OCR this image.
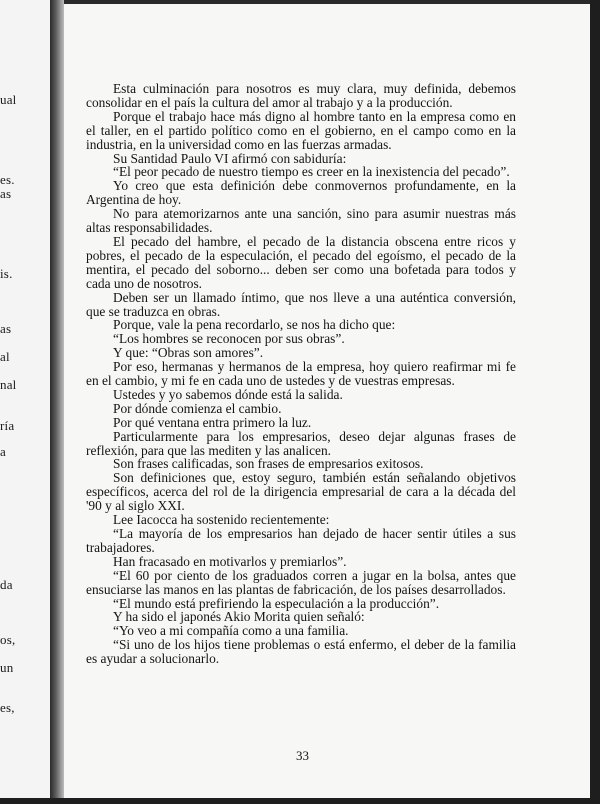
ual
es.
as
is.
as
al
nal
ría
a
da
os,
un
es,

Esta culminación para nosotros es muy clara, muy definida, debemos consolidar en el país la cultura del amor al trabajo y a la producción.

Porque el trabajo hace más digno al hombre tanto en la empresa como en el taller, en el partido político como en el gobierno, en el campo como en la industria, en la universidad como en las fuerzas armadas.

Su Santidad Paulo VI afirmó con sabiduría:

“El peor pecado de nuestro tiempo es creer en la inexistencia del pecado”.

Yo creo que esta definición debe conmovernos profundamente, en la Argentina de hoy.

No para atemorizarnos ante una sanción, sino para asumir nuestras más altas responsabilidades.

El pecado del hambre, el pecado de la distancia obscena entre ricos y pobres, el pecado de la especulación, el pecado del egoísmo, el pecado de la mentira, el pecado del soborno... deben ser como una bofetada para todos y cada uno de nosotros.

Deben ser un llamado íntimo, que nos lleve a una auténtica conversión, que se traduzca en obras.

Porque, vale la pena recordarlo, se nos ha dicho que:

“Los hombres se reconocen por sus obras”.

Y que: “Obras son amores”.

Por eso, hermanas y hermanos de la empresa, hoy quiero reafirmar mi fe en el cambio, y mi fe en cada uno de ustedes y de vuestras empresas.

Ustedes y yo sabemos dónde está la salida.

Por dónde comienza el cambio.

Por qué ventana entra primero la luz.

Particularmente para los empresarios, deseo dejar algunas frases de reflexión, para que las mediten y las analicen.

Son frases calificadas, son frases de empresarios exitosos.

Son definiciones que, estoy seguro, también están señalando objetivos específicos, acerca del rol de la dirigencia empresarial de cara a la década del '90 y al siglo XXI.

Lee Iacocca ha sostenido recientemente:

“La mayoría de los empresarios han dejado de hacer sentir útiles a sus trabajadores.

Han fracasado en motivarlos y premiarlos”.

“El 60 por ciento de los graduados corren a jugar en la bolsa, antes que ensuciarse las manos en las plantas de fabricación, de los países desarrollados.

“El mundo está prefiriendo la especulación a la producción”.

Y ha sido el japonés Akio Morita quien señaló:

“Yo veo a mi compañía como a una familia.

“Si uno de los hijos tiene problemas o está enfermo, el deber de la familia es ayudar a solucionarlo.

33
